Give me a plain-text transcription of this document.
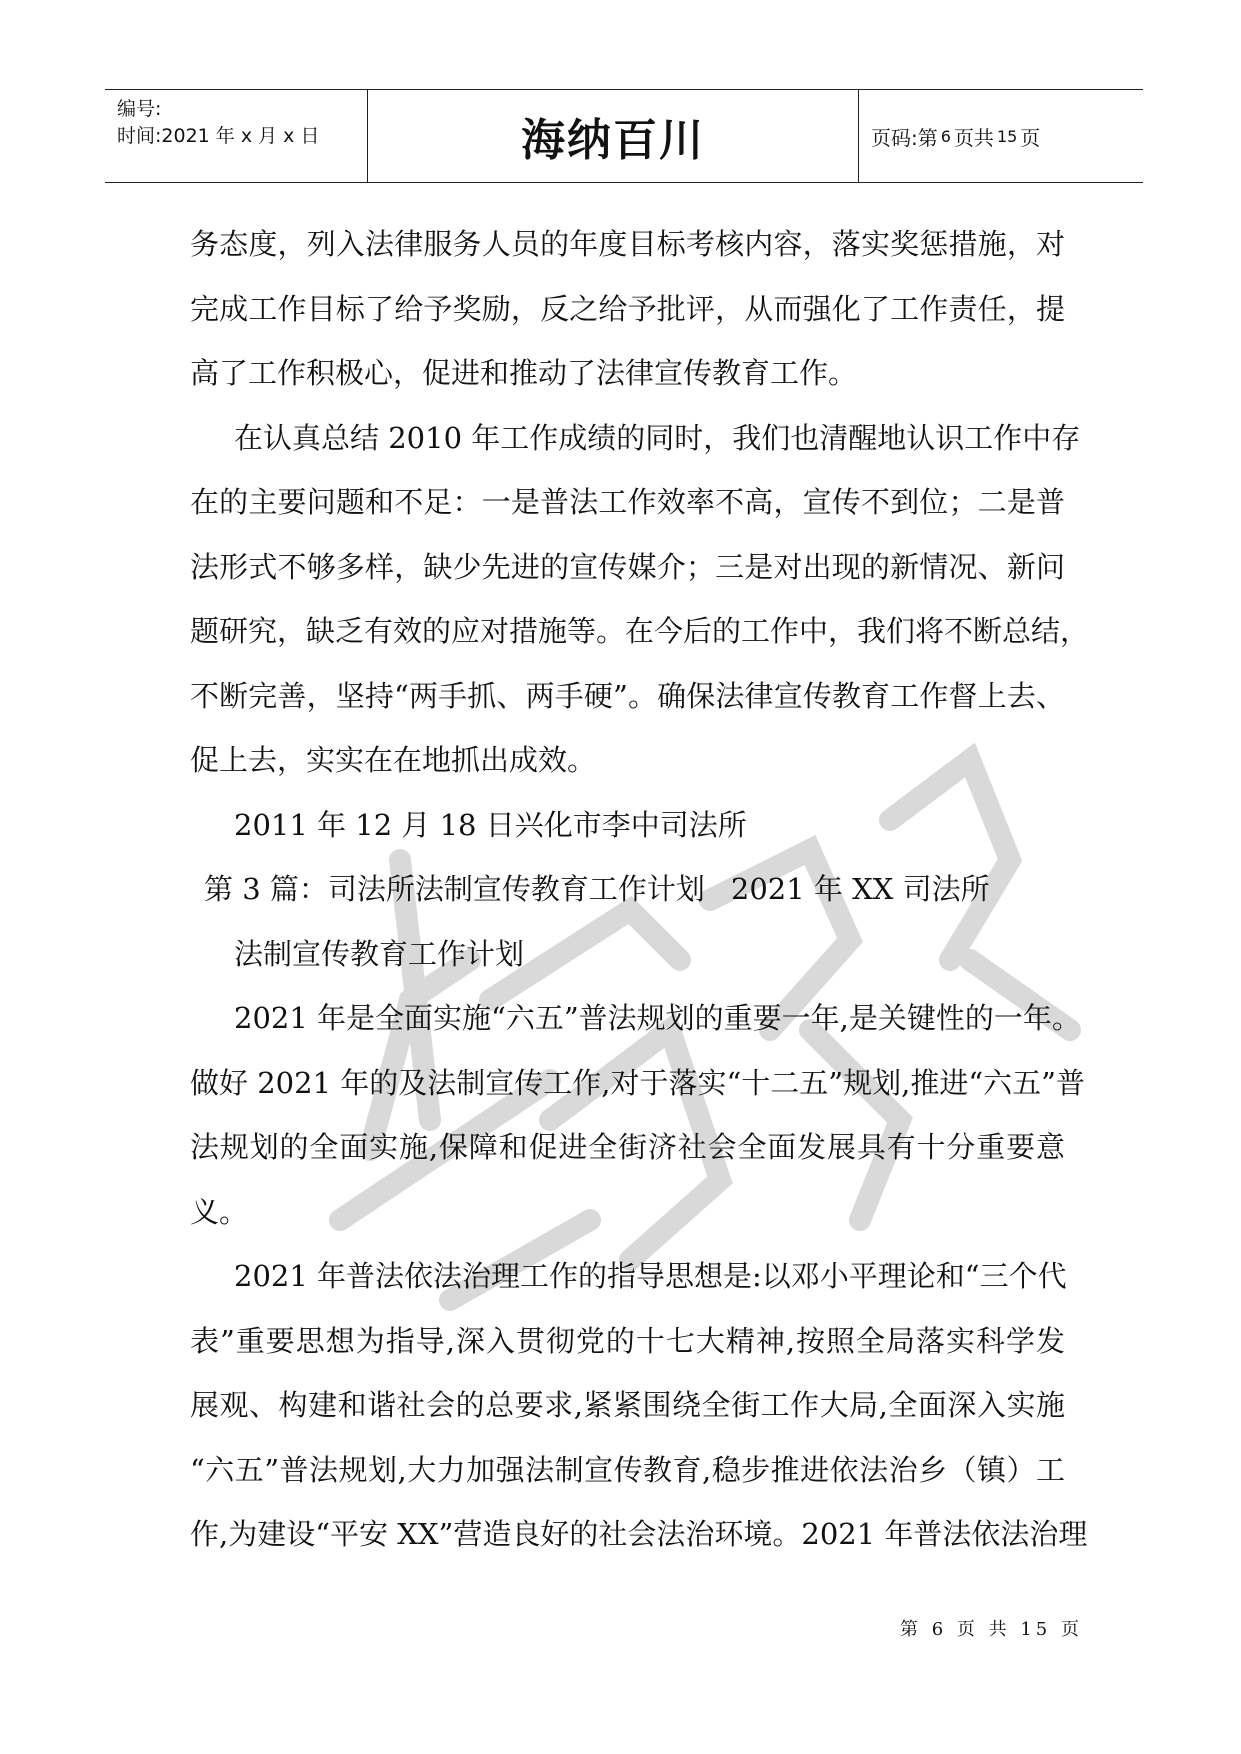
编号:
时间:2021 年 x 月 x 日	海纳百川	页码:第 6 页共 15 页
务态度，列入法律服务人员的年度目标考核内容，落实奖惩措施，对
完成工作目标了给予奖励，反之给予批评，从而强化了工作责任，提
高了工作积极心，促进和推动了法律宣传教育工作。
在认真总结 2010 年工作成绩的同时，我们也清醒地认识工作中存
在的主要问题和不足：一是普法工作效率不高，宣传不到位；二是普
法形式不够多样，缺少先进的宣传媒介；三是对出现的新情况、新问
题研究，缺乏有效的应对措施等。在今后的工作中，我们将不断总结，
不断完善，坚持“两手抓、两手硬”。确保法律宣传教育工作督上去、
促上去，实实在在地抓出成效。
2011 年 12 月 18 日兴化市李中司法所
第 3 篇：司法所法制宣传教育工作计划 2021 年 XX 司法所
法制宣传教育工作计划
2021 年是全面实施“六五”普法规划的重要一年,是关键性的一年。
做好 2021 年的及法制宣传工作,对于落实“十二五”规划,推进“六五”普
法规划的全面实施,保障和促进全街济社会全面发展具有十分重要意
义。
2021 年普法依法治理工作的指导思想是:以邓小平理论和“三个代
表”重要思想为指导,深入贯彻党的十七大精神,按照全局落实科学发
展观、构建和谐社会的总要求,紧紧围绕全街工作大局,全面深入实施
“六五”普法规划,大力加强法制宣传教育,稳步推进依法治乡（镇）工
作,为建设“平安 XX”营造良好的社会法治环境。2021 年普法依法治理
第 6 页 共 15 页
